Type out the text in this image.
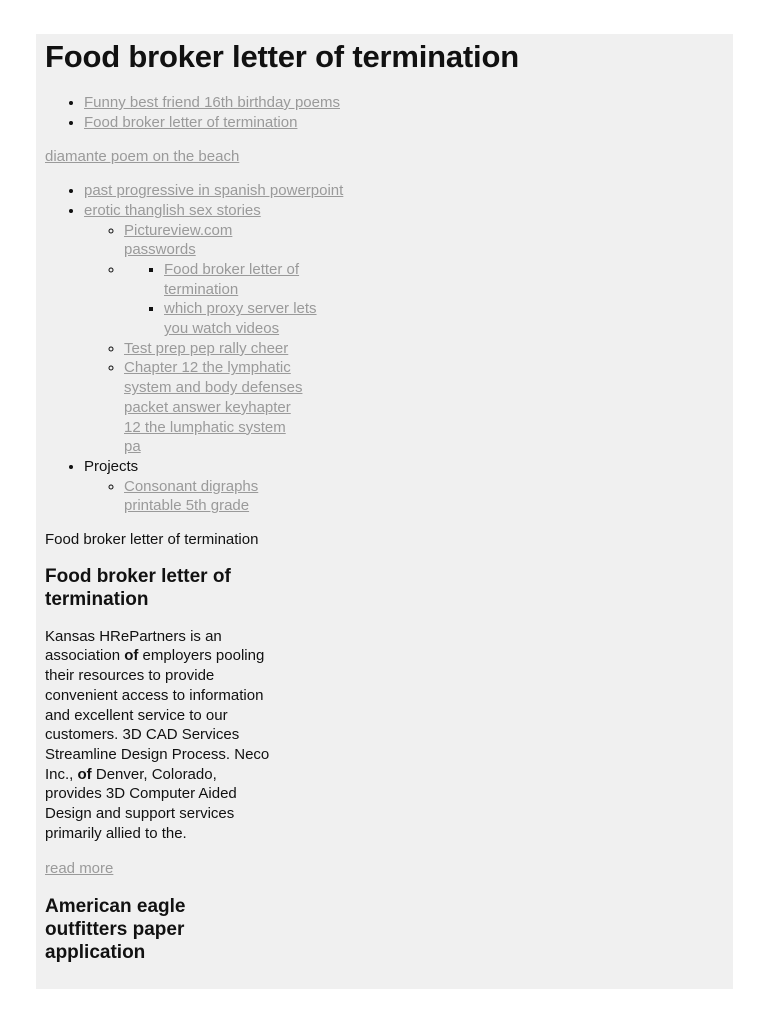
Food broker letter of termination
• Funny best friend 16th birthday poems
• Food broker letter of termination
diamante poem on the beach
• past progressive in spanish powerpoint
• erotic thanglish sex stories
◦ Pictureview.com passwords
▪ ◦ Food broker letter of termination
▪ which proxy server lets you watch videos
◦ Test prep pep rally cheer
◦ Chapter 12 the lymphatic system and body defenses packet answer keyhapter 12 the lumphatic system pa
• Projects
◦ Consonant digraphs printable 5th grade
Food broker letter of termination
Food broker letter of termination
Kansas HRePartners is an association of employers pooling their resources to provide convenient access to information and excellent service to our customers. 3D CAD Services Streamline Design Process. Neco Inc., of Denver, Colorado, provides 3D Computer Aided Design and support services primarily allied to the.
read more
American eagle outfitters paper application
